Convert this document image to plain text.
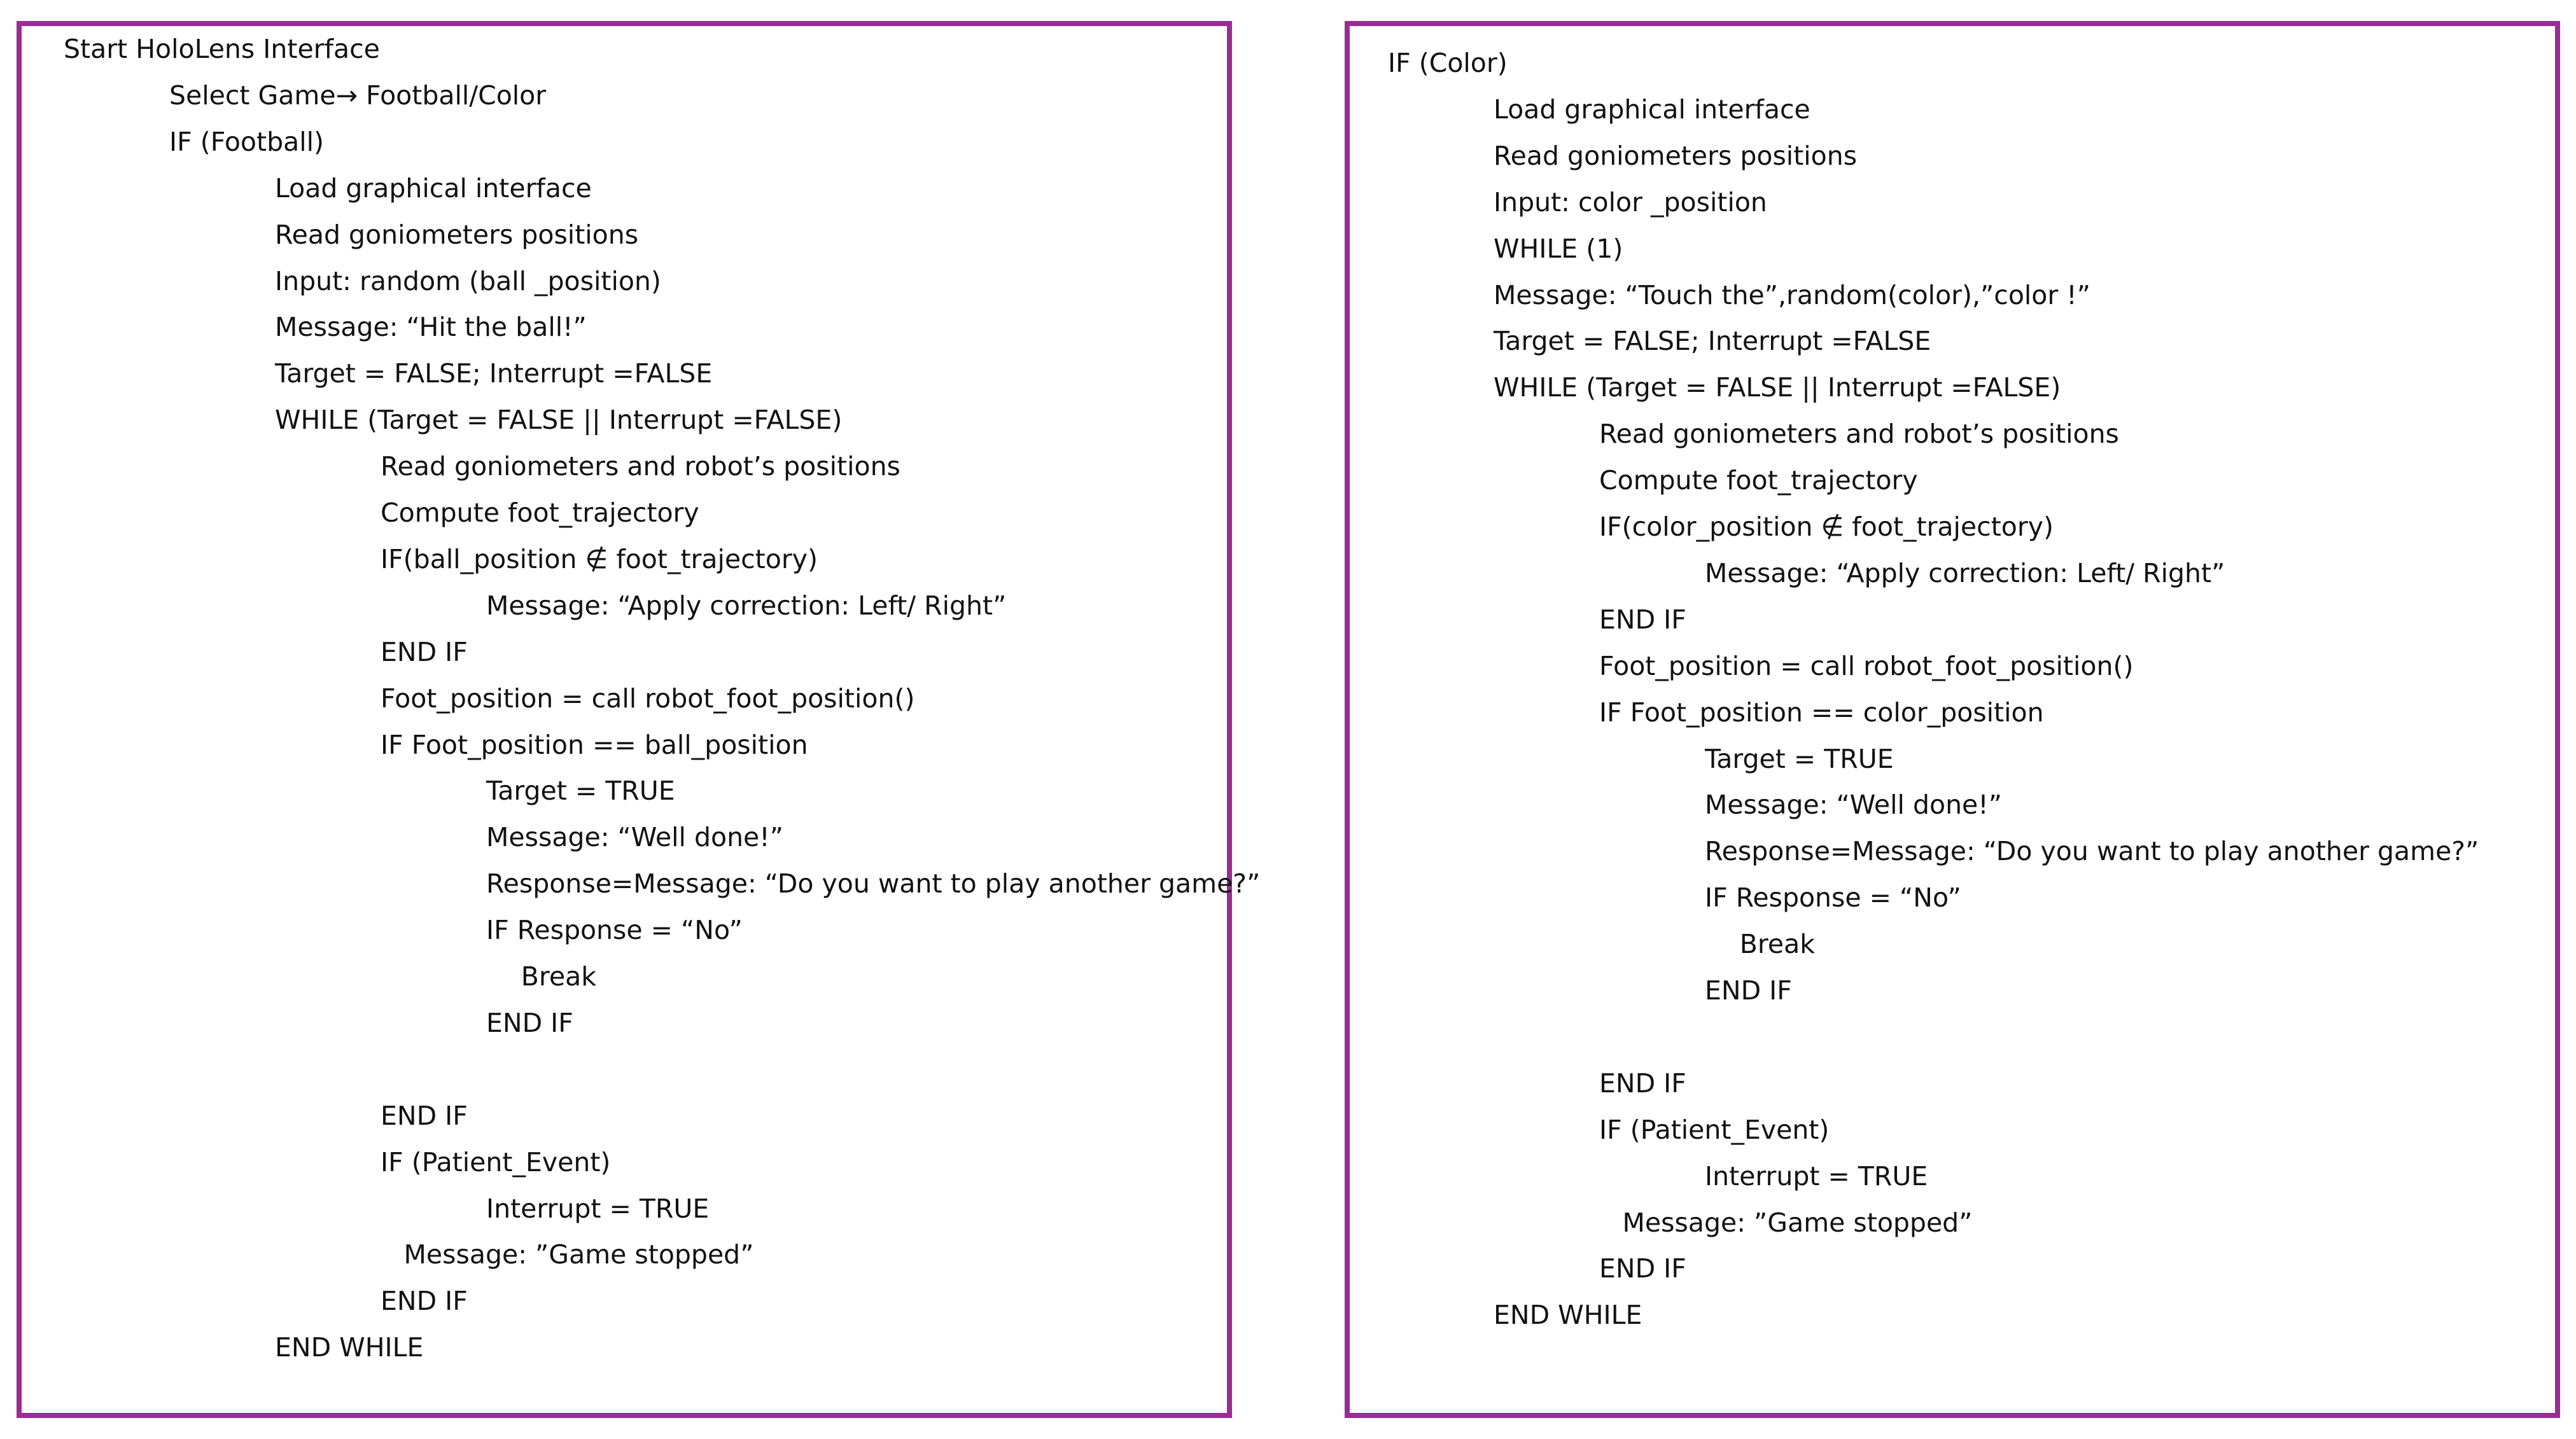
Start HoloLens Interface
Select Game→ Football/Color
IF (Football)
Load graphical interface
Read goniometers positions
Input: random (ball _position)
Message: “Hit the ball!”
Target = FALSE; Interrupt =FALSE
WHILE (Target = FALSE || Interrupt =FALSE)
Read goniometers and robot’s positions
Compute foot_trajectory
IF(ball_position ∉ foot_trajectory)
Message: “Apply correction: Left/ Right”
END IF
Foot_position = call robot_foot_position()
IF Foot_position == ball_position
Target = TRUE
Message: “Well done!”
Response=Message: “Do you want to play another game?”
IF Response = “No”
Break
END IF
END IF
IF (Patient_Event)
Interrupt = TRUE
Message: ”Game stopped”
END IF
END WHILE
IF (Color)
Load graphical interface
Read goniometers positions
Input: color _position
WHILE (1)
Message: “Touch the”,random(color),”color !”
Target = FALSE; Interrupt =FALSE
WHILE (Target = FALSE || Interrupt =FALSE)
Read goniometers and robot’s positions
Compute foot_trajectory
IF(color_position ∉ foot_trajectory)
Message: “Apply correction: Left/ Right”
END IF
Foot_position = call robot_foot_position()
IF Foot_position == color_position
Target = TRUE
Message: “Well done!”
Response=Message: “Do you want to play another game?”
IF Response = “No”
Break
END IF
END IF
IF (Patient_Event)
Interrupt = TRUE
Message: ”Game stopped”
END IF
END WHILE
